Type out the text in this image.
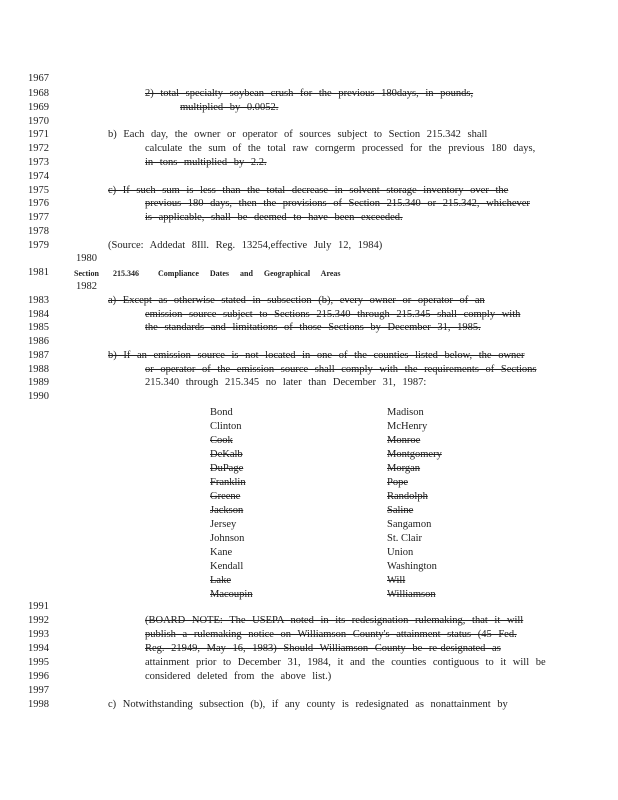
1967
1968
1969
1970
1971
1972
1973
1974
1975
1976
1977
1978
1979
1980
1981
1982
1983
1984
1985
1986
1987
1988
1989
1990
1991
1992
1993
1994
1995
1996
1997
1998
2) total specialty soybean crush for the previous 180days, in pounds,
multiplied by 0.0052.
b) Each day, the owner or operator of sources subject to Section 215.342 shall
calculate the sum of the total raw corngerm processed for the previous 180 days,
in tons multiplied by 2.2.
c) If such sum is less than the total decrease in solvent storage inventory over the
previous 180 days, then the provisions of Section 215.340 or 215.342, whichever
is applicable, shall be deemed to have been exceeded.
(Source: Addedat 8Ill. Reg. 13254,effective July 12, 1984)
Section 215.346 Compliance Dates and Geographical Areas
a) Except as otherwise stated in subsection (b), every owner or operator of an
emission source subject to Sections 215.340 through 215.345 shall comply with
the standards and limitations of those Sections by December 31, 1985.
b) If an emission source is not located in one of the counties listed below, the owner
or operator of the emission source shall comply with the requirements of Sections
215.340 through 215.345 no later than December 31, 1987:
Bond
Clinton
Cook
DeKalb
DuPage
Franklin
Greene
Jackson
Jersey
Johnson
Kane
Kendall
Lake
Macoupin
Madison
McHenry
Monroe
Montgomery
Morgan
Pope
Randolph
Saline
Sangamon
St. Clair
Union
Washington
Will
Williamson
(BOARD NOTE: The USEPA noted in its redesignation rulemaking, that it will
publish a rulemaking notice on Williamson County's attainment status (45 Fed.
Reg. 21949, May 16, 1983) Should Williamson County be re-designated as
attainment prior to December 31, 1984, it and the counties contiguous to it will be
considered deleted from the above list.)
c) Notwithstanding subsection (b), if any county is redesignated as nonattainment by
